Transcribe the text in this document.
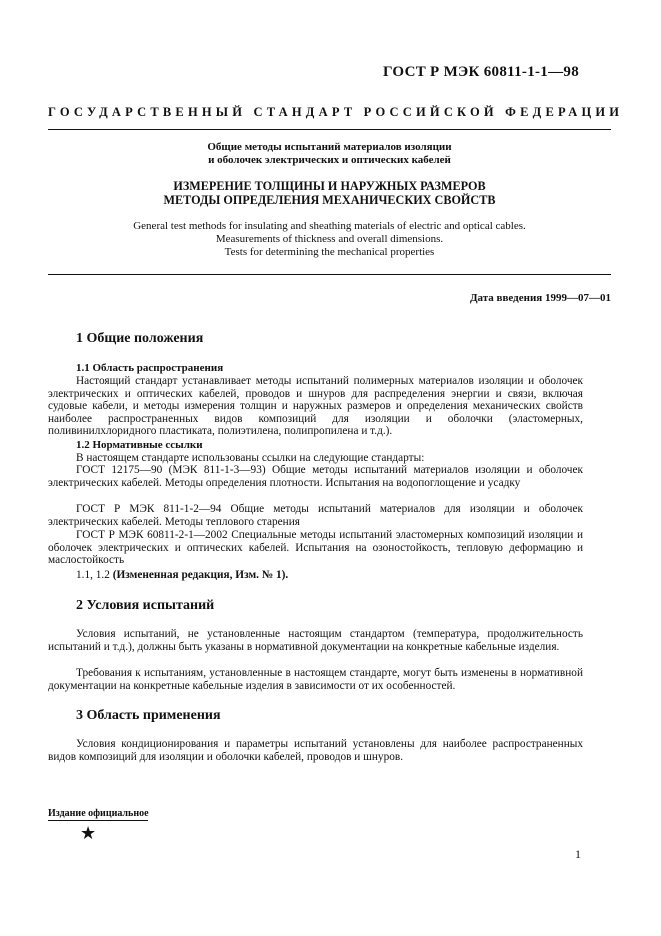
ГОСТ Р МЭК 60811-1-1—98
ГОСУДАРСТВЕННЫЙ СТАНДАРТ РОССИЙСКОЙ ФЕДЕРАЦИИ
Общие методы испытаний материалов изоляции
и оболочек электрических и оптических кабелей
ИЗМЕРЕНИЕ ТОЛЩИНЫ И НАРУЖНЫХ РАЗМЕРОВ
МЕТОДЫ ОПРЕДЕЛЕНИЯ МЕХАНИЧЕСКИХ СВОЙСТВ
General test methods for insulating and sheathing materials of electric and optical cables.
Measurements of thickness and overall dimensions.
Tests for determining the mechanical properties
Дата введения 1999—07—01
1 Общие положения
1.1 Область распространения
Настоящий стандарт устанавливает методы испытаний полимерных материалов изоляции и оболочек электрических и оптических кабелей, проводов и шнуров для распределения энергии и связи, включая судовые кабели, и методы измерения толщин и наружных размеров и определения механических свойств наиболее распространенных видов композиций для изоляции и оболочки (эластомерных, поливинилхлоридного пластиката, полиэтилена, полипропилена и т.д.).
1.2 Нормативные ссылки
В настоящем стандарте использованы ссылки на следующие стандарты:
ГОСТ 12175—90 (МЭК 811-1-3—93) Общие методы испытаний материалов изоляции и оболочек электрических кабелей. Методы определения плотности. Испытания на водопоглощение и усадку
ГОСТ Р МЭК 811-1-2—94 Общие методы испытаний материалов для изоляции и оболочек электрических кабелей. Методы теплового старения
ГОСТ Р МЭК 60811-2-1—2002 Специальные методы испытаний эластомерных композиций изоляции и оболочек электрических и оптических кабелей. Испытания на озоностойкость, тепловую деформацию и маслостойкость
1.1, 1.2 (Измененная редакция, Изм. № 1).
2 Условия испытаний
Условия испытаний, не установленные настоящим стандартом (температура, продолжительность испытаний и т.д.), должны быть указаны в нормативной документации на конкретные кабельные изделия.
Требования к испытаниям, установленные в настоящем стандарте, могут быть изменены в нормативной документации на конкретные кабельные изделия в зависимости от их особенностей.
3 Область применения
Условия кондиционирования и параметры испытаний установлены для наиболее распространенных видов композиций для изоляции и оболочки кабелей, проводов и шнуров.
Издание официальное
★
1
